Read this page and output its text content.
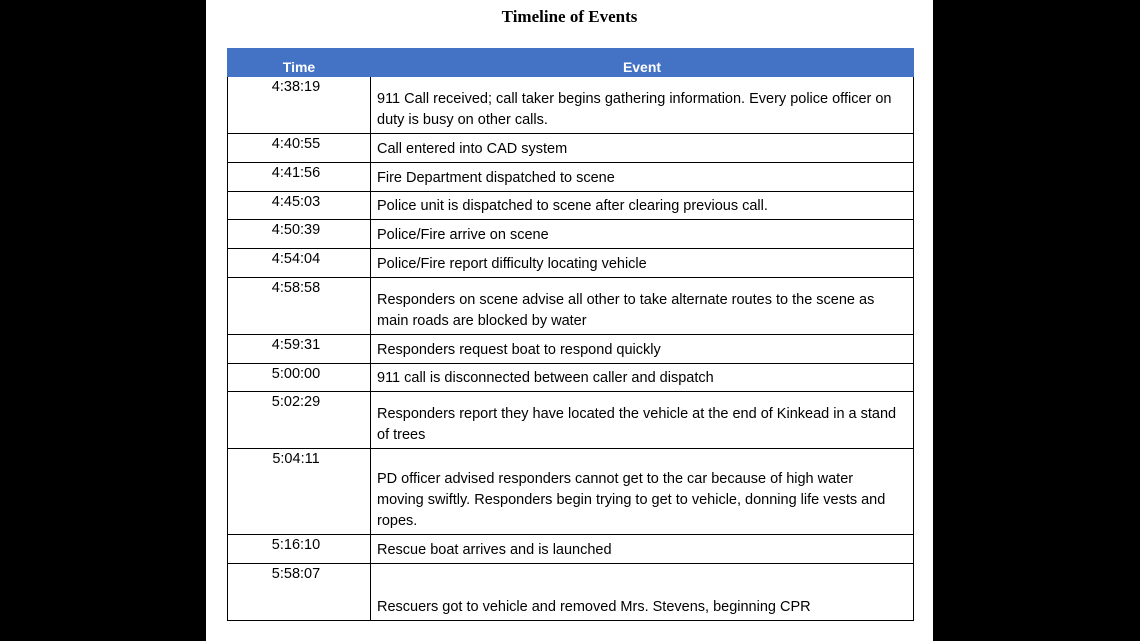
Timeline of Events
Time	Event
4:38:19	911 Call received; call taker begins gathering information. Every police officer on duty is busy on other calls.
4:40:55	Call entered into CAD system
4:41:56	Fire Department dispatched to scene
4:45:03	Police unit is dispatched to scene after clearing previous call.
4:50:39	Police/Fire arrive on scene
4:54:04	Police/Fire report difficulty locating vehicle
4:58:58	Responders on scene advise all other to take alternate routes to the scene as main roads are blocked by water
4:59:31	Responders request boat to respond quickly
5:00:00	911 call is disconnected between caller and dispatch
5:02:29	Responders report they have located the vehicle at the end of Kinkead in a stand of trees
5:04:11	PD officer advised responders cannot get to the car because of high water moving swiftly. Responders begin trying to get to vehicle, donning life vests and ropes.
5:16:10	Rescue boat arrives and is launched
5:58:07	Rescuers got to vehicle and removed Mrs. Stevens, beginning CPR
